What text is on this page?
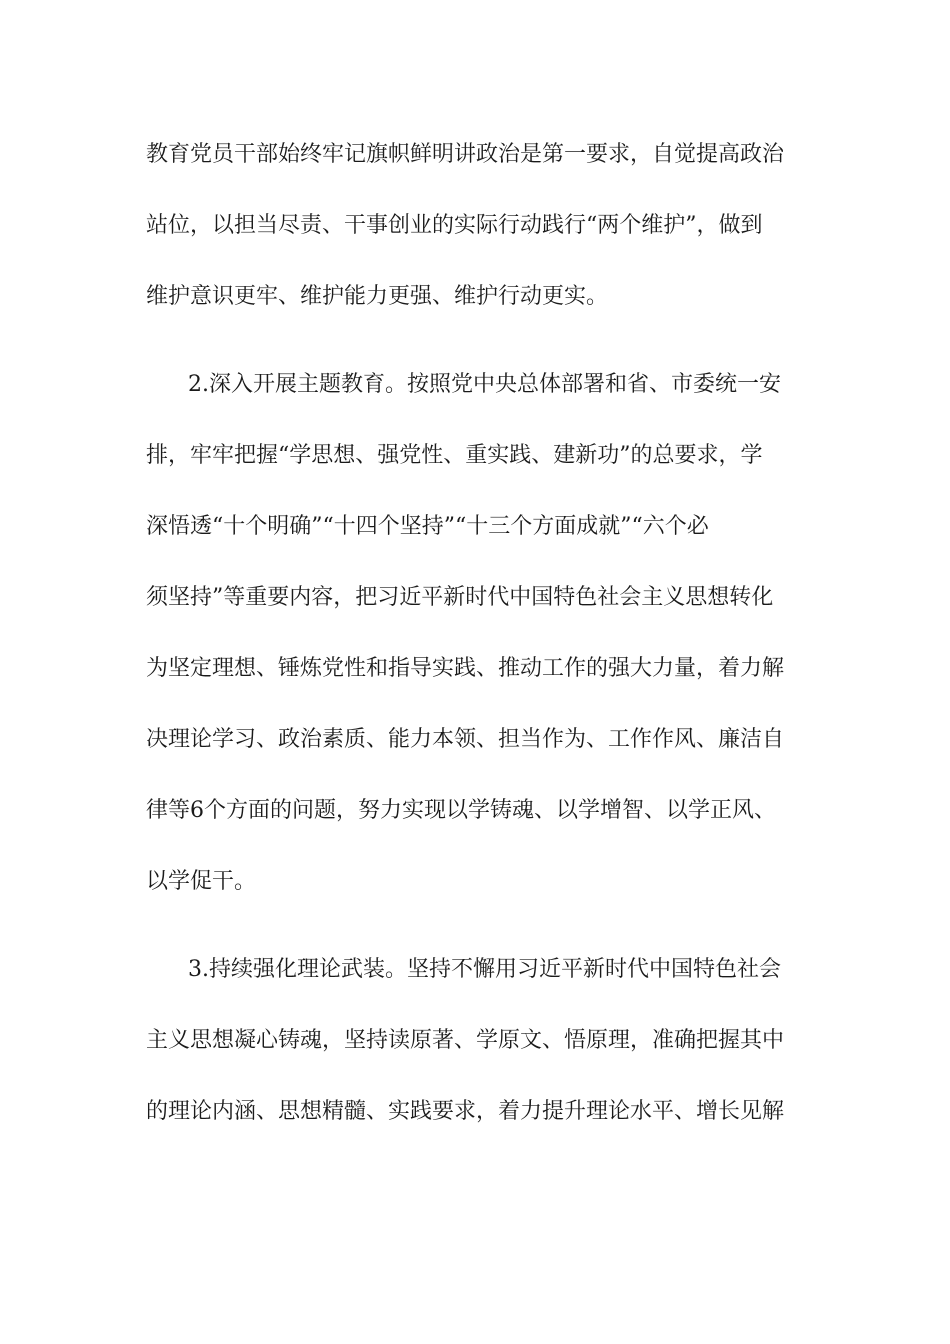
教育党员干部始终牢记旗帜鲜明讲政治是第一要求，自觉提高政治
站位，以担当尽责、干事创业的实际行动践行“两个维护”，做到
维护意识更牢、维护能力更强、维护行动更实。
2.深入开展主题教育。按照党中央总体部署和省、市委统一安
排，牢牢把握“学思想、强党性、重实践、建新功”的总要求，学
深悟透“十个明确”“十四个坚持”“十三个方面成就”“六个必
须坚持”等重要内容，把习近平新时代中国特色社会主义思想转化
为坚定理想、锤炼党性和指导实践、推动工作的强大力量，着力解
决理论学习、政治素质、能力本领、担当作为、工作作风、廉洁自
律等6个方面的问题，努力实现以学铸魂、以学增智、以学正风、
以学促干。
3.持续强化理论武装。坚持不懈用习近平新时代中国特色社会
主义思想凝心铸魂，坚持读原著、学原文、悟原理，准确把握其中
的理论内涵、思想精髓、实践要求，着力提升理论水平、增长见解
